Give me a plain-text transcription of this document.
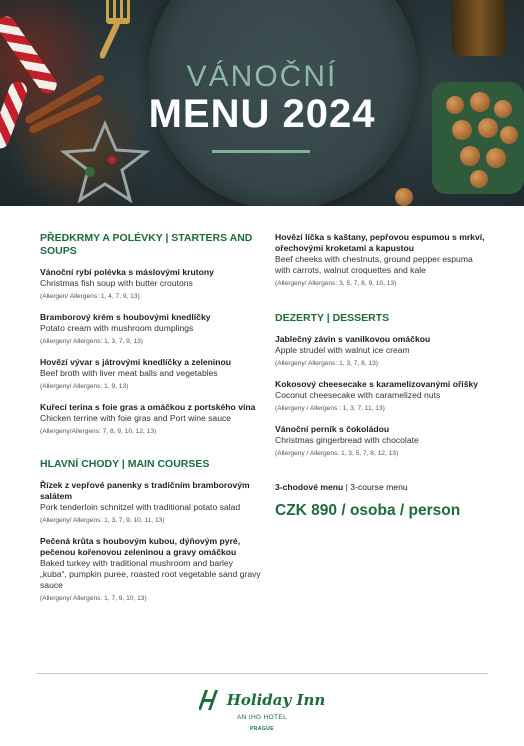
VÁNOČNÍ
MENU 2024
PŘEDKRMY A POLÉVKY | STARTERS AND SOUPS
Vánoční rybí polévka s máslovými krutony
Christmas fish soup with butter croutons
(Allergen/ Allergens: 1, 4, 7, 9, 13)
Bramborový krém s houbovými knedlíčky
Potato cream with mushroom dumplings
(Allergeny/ Allergens: 1, 3, 7, 9, 13)
Hovězí vývar s játrovými knedlíčky a zeleninou
Beef broth with liver meat balls and vegetables
(Allergeny/ Allergens: 1, 9, 13)
Kuřecí terina s foie gras a omáčkou z portského vína
Chicken terrine with foie gras and Port wine sauce
(Allergeny/Allergens: 7, 8, 9, 10, 12, 13)
HLAVNÍ CHODY | MAIN COURSES
Řízek z vepřové panenky s tradičním bramborovým salátem
Pork tenderloin schnitzel with traditional potato salad
(Allergeny/ Allergens: 1, 3, 7, 9, 10, 11, 13)
Pečená krůta s houbovým kubou, dýňovým pyré, pečenou kořenovou zeleninou a gravy omáčkou
Baked turkey with traditional mushroom and barley „kuba“, pumpkin puree, roasted root vegetable sand gravy sauce
(Allergeny/ Allergens: 1, 7, 9, 10, 13)
Hovězí líčka s kaštany, pepřovou espumou s mrkví, ořechovými kroketami a kapustou
Beef cheeks with chestnuts, ground pepper espuma with carrots, walnut croquettes and kale
(Allergeny/ Allergens: 3, 5, 7, 8, 9, 10, 13)
DEZERTY | DESSERTS
Jablečný závin s vanilkovou omáčkou
Apple strudel with walnut ice cream
(Allergeny/ Allergens: 1, 3, 7, 8, 13)
Kokosový cheesecake s karamelizovanými oříšky
Coconut cheesecake with caramelized nuts
(Allergeny / Allergens : 1, 3, 7, 11, 13)
Vánoční perník s čokoládou
Christmas gingerbread with chocolate
(Allergeny / Allergens: 1, 3, 5, 7, 8, 12, 13)
3-chodové menu | 3-course menu
CZK 890 / osoba / person
Holiday Inn
AN IHG HOTEL
PRAGUE
